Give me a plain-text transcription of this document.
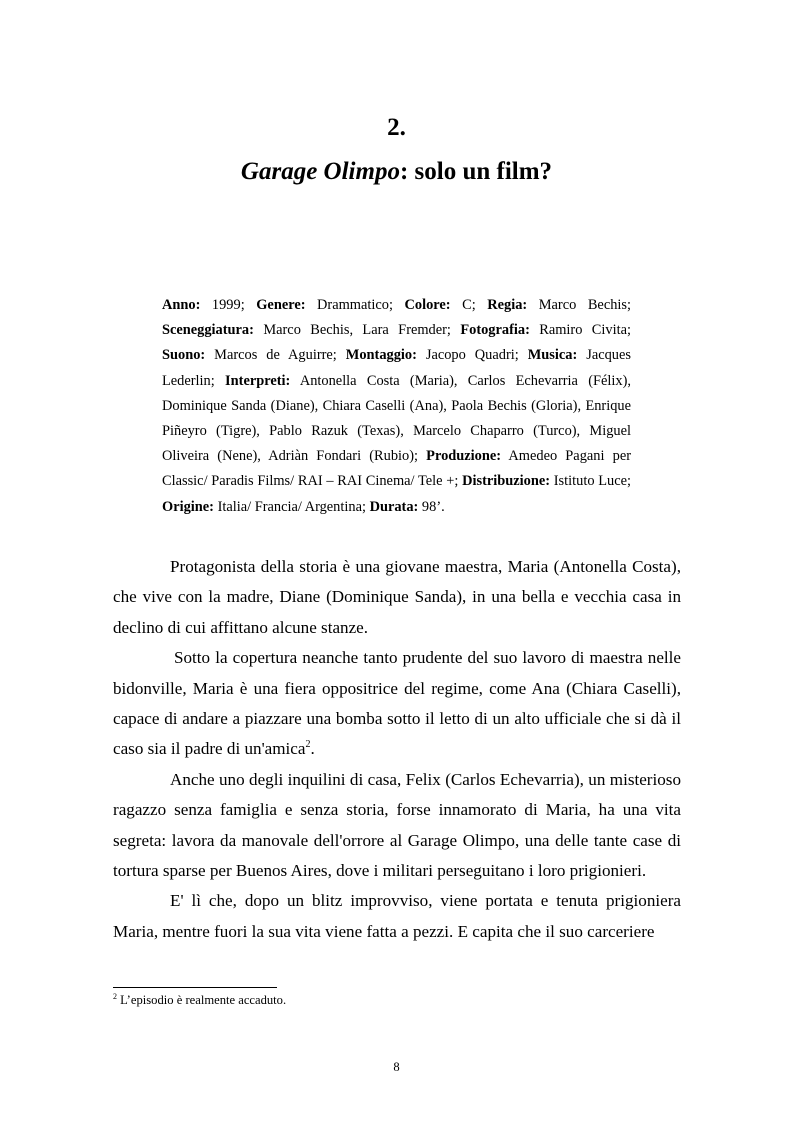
2.
Garage Olimpo: solo un film?

Anno: 1999; Genere: Drammatico; Colore: C; Regia: Marco Bechis; Sceneggiatura: Marco Bechis, Lara Fremder; Fotografia: Ramiro Civita; Suono: Marcos de Aguirre; Montaggio: Jacopo Quadri; Musica: Jacques Lederlin; Interpreti: Antonella Costa (Maria), Carlos Echevarria (Félix), Dominique Sanda (Diane), Chiara Caselli (Ana), Paola Bechis (Gloria), Enrique Piñeyro (Tigre), Pablo Razuk (Texas), Marcelo Chaparro (Turco), Miguel Oliveira (Nene), Adriàn Fondari (Rubio); Produzione: Amedeo Pagani per Classic/ Paradis Films/ RAI – RAI Cinema/ Tele +; Distribuzione: Istituto Luce; Origine: Italia/ Francia/ Argentina; Durata: 98’.

Protagonista della storia è una giovane maestra, Maria (Antonella Costa), che vive con la madre, Diane (Dominique Sanda), in una bella e vecchia casa in declino di cui affittano alcune stanze.

Sotto la copertura neanche tanto prudente del suo lavoro di maestra nelle bidonville, Maria è una fiera oppositrice del regime, come Ana (Chiara Caselli), capace di andare a piazzare una bomba sotto il letto di un alto ufficiale che si dà il caso sia il padre di un'amica$^2$.

Anche uno degli inquilini di casa, Felix (Carlos Echevarria), un misterioso ragazzo senza famiglia e senza storia, forse innamorato di Maria, ha una vita segreta: lavora da manovale dell'orrore al Garage Olimpo, una delle tante case di tortura sparse per Buenos Aires, dove i militari perseguitano i loro prigionieri.

E' lì che, dopo un blitz improvviso, viene portata e tenuta prigioniera Maria, mentre fuori la sua vita viene fatta a pezzi. E capita che il suo carceriere

$^2$ L’episodio è realmente accaduto.
8
